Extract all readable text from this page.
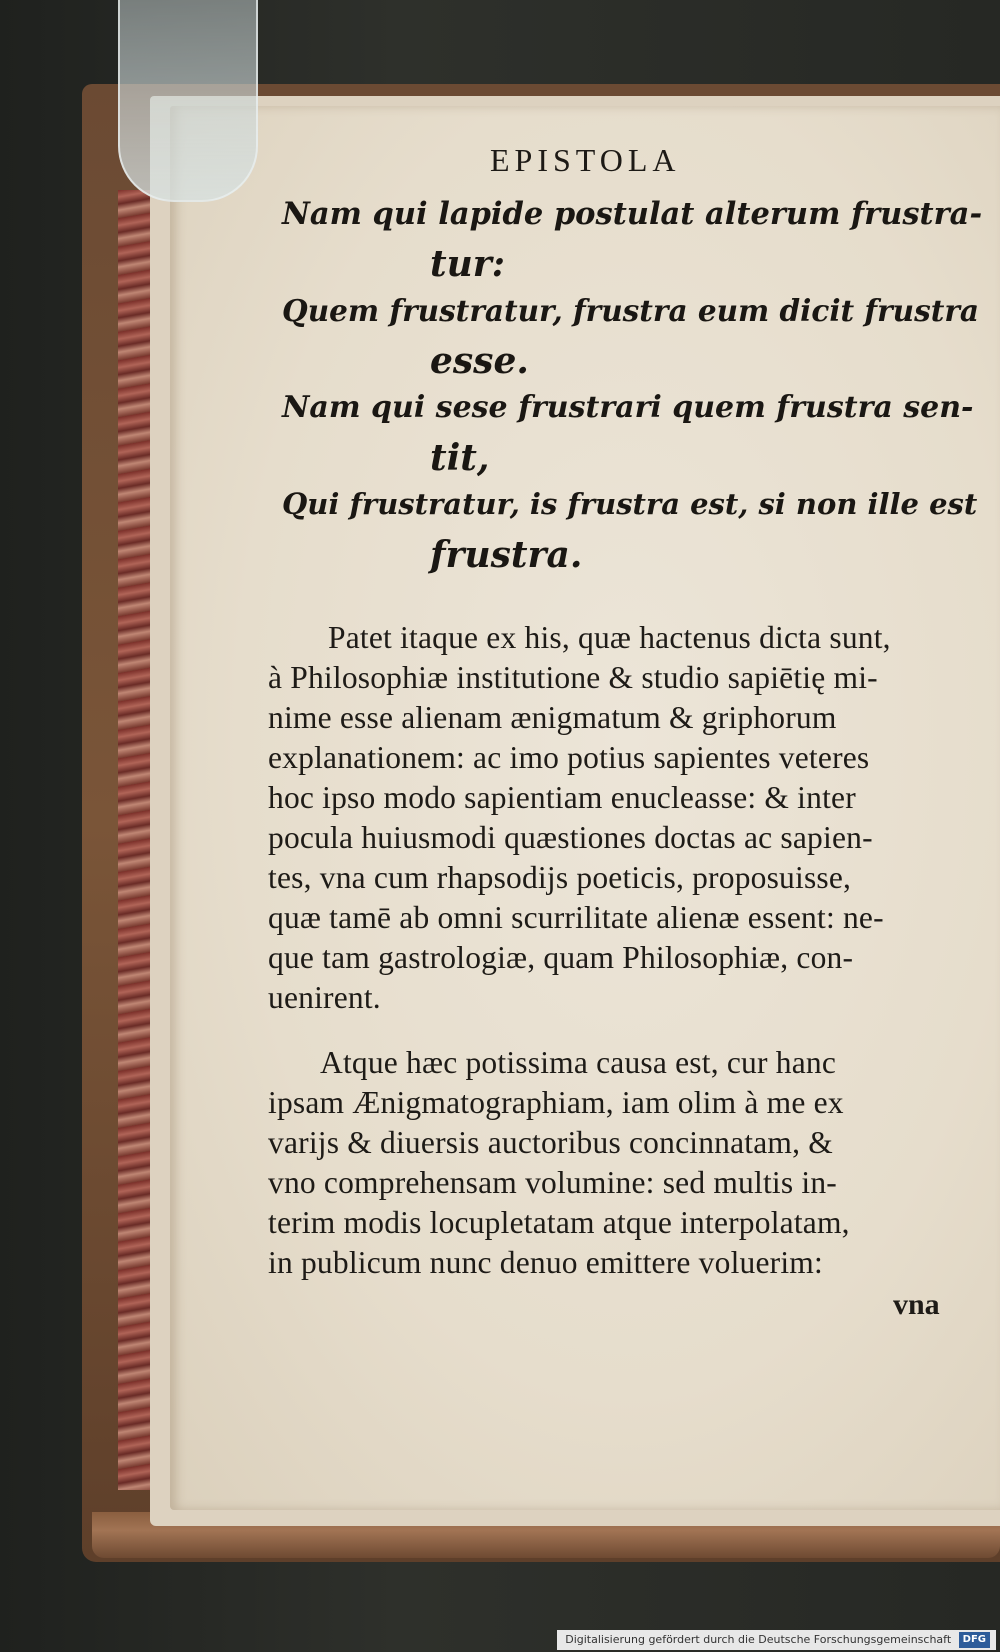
EPISTOLA
Nam qui lapide postulat alterum frustra-
tur:
Quem frustratur, frustra eum dicit frustra
esse.
Nam qui sese frustrari quem frustra sen-
tit,
Qui frustratur, is frustra est, si non ille est
frustra.
Patet itaque ex his, quæ hactenus dicta sunt,
à Philosophiæ institutione & studio sapiētię mi-
nime esse alienam ænigmatum & griphorum
explanationem: ac imo potius sapientes veteres
hoc ipso modo sapientiam enucleasse: & inter
pocula huiusmodi quæstiones doctas ac sapien-
tes, vna cum rhapsodijs poeticis, proposuisse,
quæ tamē ab omni scurrilitate alienæ essent: ne-
que tam gastrologiæ, quam Philosophiæ, con-
uenirent.
Atque hæc potissima causa est, cur hanc
ipsam Ænigmatographiam, iam olim à me ex
varijs & diuersis auctoribus concinnatam, &
vno comprehensam volumine: sed multis in-
terim modis locupletatam atque interpolatam,
in publicum nunc denuo emittere voluerim:
vna
Digitalisierung gefördert durch die Deutsche Forschungsgemeinschaft DFG
